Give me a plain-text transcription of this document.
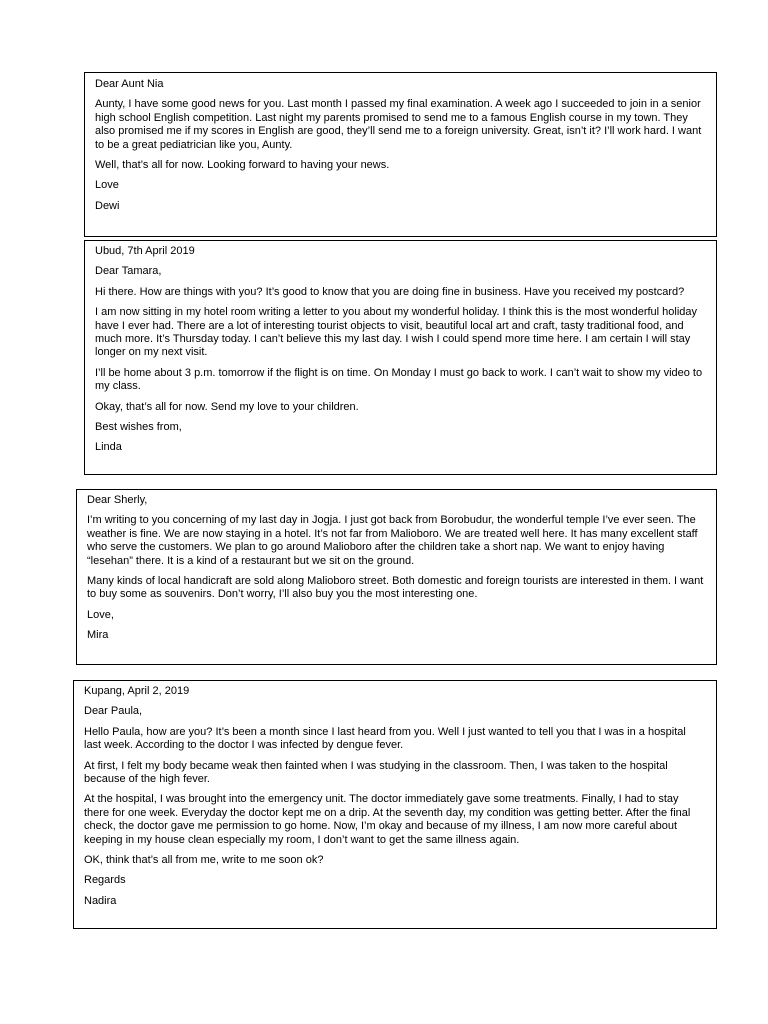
Dear Aunt Nia

Aunty, I have some good news for you. Last month I passed my final examination. A week ago I succeeded to join in a senior high school English competition. Last night my parents promised to send me to a famous English course in my town. They also promised me if my scores in English are good, they’ll send me to a foreign university. Great, isn’t it? I’ll work hard. I want to be a great pediatrician like you, Aunty.

Well, that’s all for now. Looking forward to having your news.

Love

Dewi

Ubud, 7th April 2019

Dear Tamara,

Hi there. How are things with you? It’s good to know that you are doing fine in business. Have you received my postcard?

I am now sitting in my hotel room writing a letter to you about my wonderful holiday. I think this is the most wonderful holiday have I ever had. There are a lot of interesting tourist objects to visit, beautiful local art and craft, tasty traditional food, and much more. It’s Thursday today. I can’t believe this my last day. I wish I could spend more time here. I am certain I will stay longer on my next visit.

I’ll be home about 3 p.m. tomorrow if the flight is on time. On Monday I must go back to work. I can’t wait to show my video to my class.

Okay, that’s all for now. Send my love to your children.

Best wishes from,

Linda

Dear Sherly,

I’m writing to you concerning of my last day in Jogja. I just got back from Borobudur, the wonderful temple I’ve ever seen. The weather is fine. We are now staying in a hotel. It’s not far from Malioboro. We are treated well here. It has many excellent staff who serve the customers. We plan to go around Malioboro after the children take a short nap. We want to enjoy having “lesehan” there. It is a kind of a restaurant but we sit on the ground.

Many kinds of local handicraft are sold along Malioboro street. Both domestic and foreign tourists are interested in them. I want to buy some as souvenirs. Don’t worry, I’ll also buy you the most interesting one.

Love,

Mira

Kupang, April 2, 2019

Dear Paula,

Hello Paula, how are you? It’s been a month since I last heard from you. Well I just wanted to tell you that I was in a hospital last week. According to the doctor I was infected by dengue fever.

At first, I felt my body became weak then fainted when I was studying in the classroom. Then, I was taken to the hospital because of the high fever.

At the hospital, I was brought into the emergency unit. The doctor immediately gave some treatments. Finally, I had to stay there for one week. Everyday the doctor kept me on a drip. At the seventh day, my condition was getting better. After the final check, the doctor gave me permission to go home. Now, I’m okay and because of my illness, I am now more careful about keeping in my house clean especially my room, I don’t want to get the same illness again.

OK, think that’s all from me, write to me soon ok?

Regards

Nadira
